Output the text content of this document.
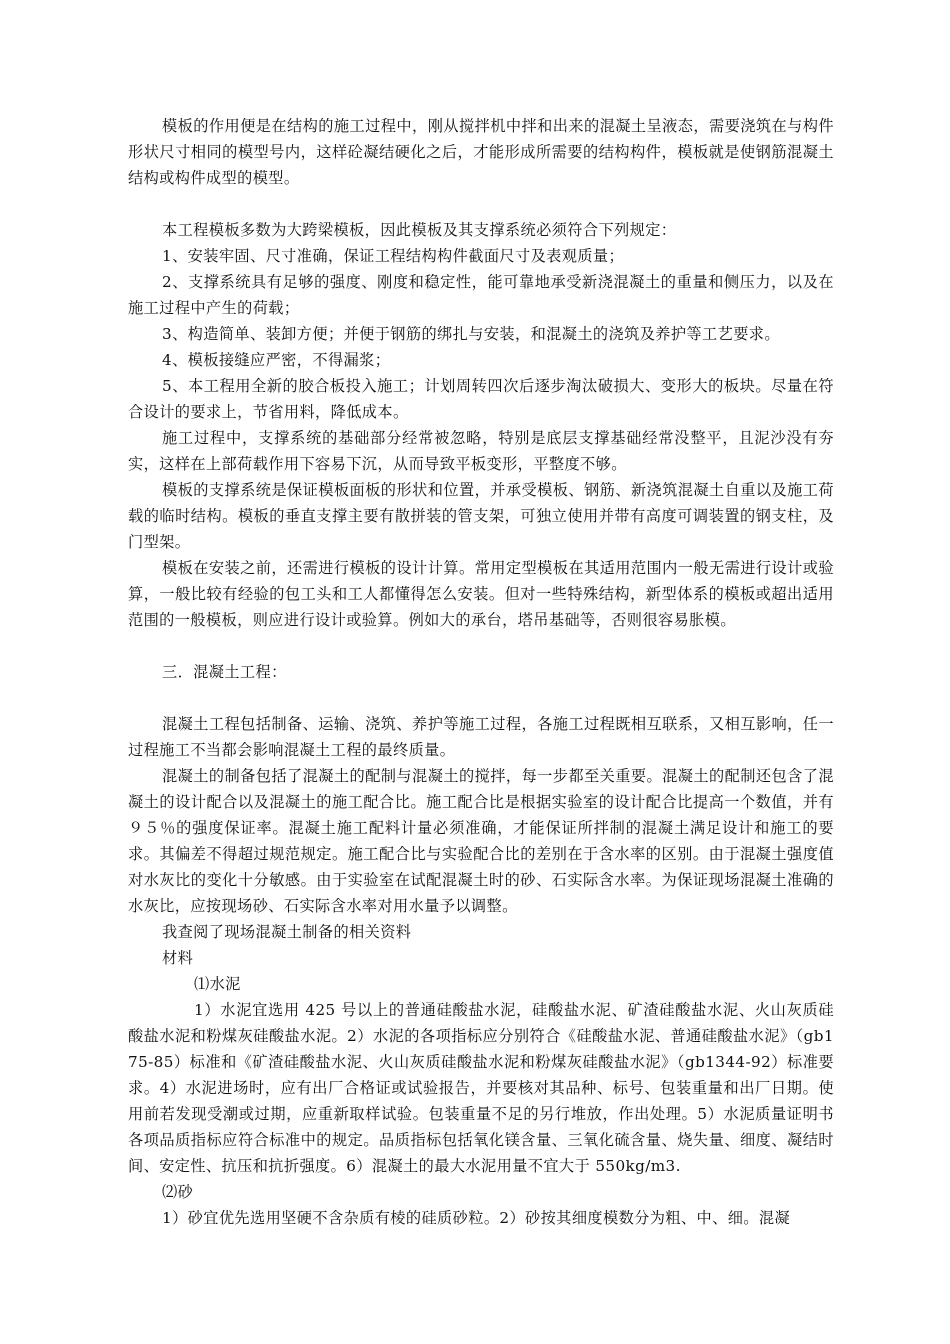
模板的作用便是在结构的施工过程中，刚从搅拌机中拌和出来的混凝土呈液态，需要浇筑在与构件形状尺寸相同的模型号内，这样砼凝结硬化之后，才能形成所需要的结构构件，模板就是使钢筋混凝土结构或构件成型的模型。

本工程模板多数为大跨梁模板，因此模板及其支撑系统必须符合下列规定：

1、安装牢固、尺寸准确，保证工程结构构件截面尺寸及表观质量；

2、支撑系统具有足够的强度、刚度和稳定性，能可靠地承受新浇混凝土的重量和侧压力，以及在施工过程中产生的荷载；

3、构造简单、装卸方便；并便于钢筋的绑扎与安装，和混凝土的浇筑及养护等工艺要求。

4、模板接缝应严密，不得漏浆；

5、本工程用全新的胶合板投入施工；计划周转四次后逐步淘汰破损大、变形大的板块。尽量在符合设计的要求上，节省用料，降低成本。

施工过程中，支撑系统的基础部分经常被忽略，特别是底层支撑基础经常没整平，且泥沙没有夯实，这样在上部荷载作用下容易下沉，从而导致平板变形，平整度不够。

模板的支撑系统是保证模板面板的形状和位置，并承受模板、钢筋、新浇筑混凝土自重以及施工荷载的临时结构。模板的垂直支撑主要有散拼装的管支架，可独立使用并带有高度可调装置的钢支柱，及门型架。

模板在安装之前，还需进行模板的设计计算。常用定型模板在其适用范围内一般无需进行设计或验算，一般比较有经验的包工头和工人都懂得怎么安装。但对一些特殊结构，新型体系的模板或超出适用范围的一般模板，则应进行设计或验算。例如大的承台，塔吊基础等，否则很容易胀模。

三．混凝土工程：

混凝土工程包括制备、运输、浇筑、养护等施工过程，各施工过程既相互联系，又相互影响，任一过程施工不当都会影响混凝土工程的最终质量。

混凝土的制备包括了混凝土的配制与混凝土的搅拌，每一步都至关重要。混凝土的配制还包含了混凝土的设计配合以及混凝土的施工配合比。施工配合比是根据实验室的设计配合比提高一个数值，并有９５％的强度保证率。混凝土施工配料计量必须准确，才能保证所拌制的混凝土满足设计和施工的要求。其偏差不得超过规范规定。施工配合比与实验配合比的差别在于含水率的区别。由于混凝土强度值对水灰比的变化十分敏感。由于实验室在试配混凝土时的砂、石实际含水率。为保证现场混凝土准确的水灰比，应按现场砂、石实际含水率对用水量予以调整。

我查阅了现场混凝土制备的相关资料

材料

⑴水泥

1）水泥宜选用 425 号以上的普通硅酸盐水泥，硅酸盐水泥、矿渣硅酸盐水泥、火山灰质硅酸盐水泥和粉煤灰硅酸盐水泥。2）水泥的各项指标应分别符合《硅酸盐水泥、普通硅酸盐水泥》（gb175-85）标准和《矿渣硅酸盐水泥、火山灰质硅酸盐水泥和粉煤灰硅酸盐水泥》（gb1344-92）标准要求。4）水泥进场时，应有出厂合格证或试验报告，并要核对其品种、标号、包装重量和出厂日期。使用前若发现受潮或过期，应重新取样试验。包装重量不足的另行堆放，作出处理。5）水泥质量证明书各项品质指标应符合标准中的规定。品质指标包括氧化镁含量、三氧化硫含量、烧失量、细度、凝结时间、安定性、抗压和抗折强度。6）混凝土的最大水泥用量不宜大于 550kg/m3.

⑵砂

1）砂宜优先选用坚硬不含杂质有棱的硅质砂粒。2）砂按其细度模数分为粗、中、细。混凝
